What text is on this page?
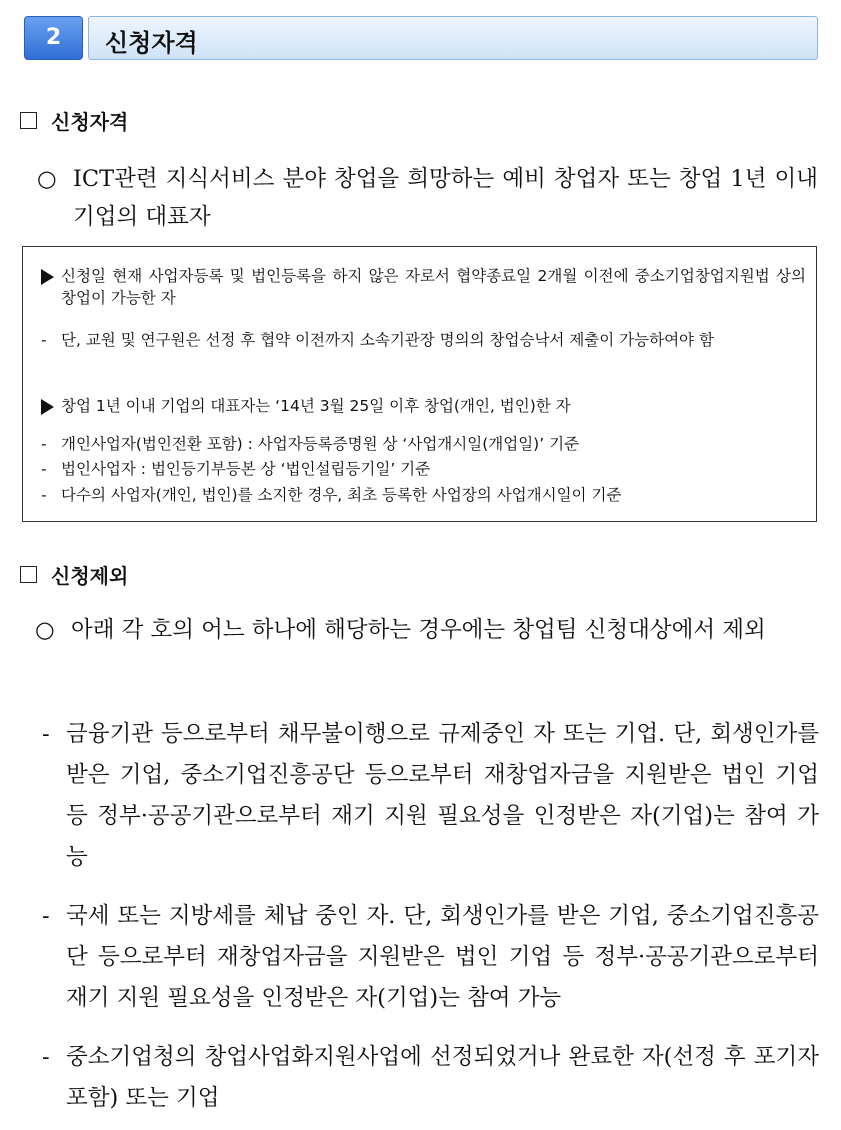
2	신청자격
신청자격
○ ICT관련 지식서비스 분야 창업을 희망하는 예비 창업자 또는 창업 1년 이내 기업의 대표자
신청일 현재 사업자등록 및 법인등록을 하지 않은 자로서 협약종료일 2개월 이전에 중소기업창업지원법 상의 창업이 가능한 자
- 단, 교원 및 연구원은 선정 후 협약 이전까지 소속기관장 명의의 창업승낙서 제출이 가능하여야 함
창업 1년 이내 기업의 대표자는 ‘14년 3월 25일 이후 창업(개인, 법인)한 자
- 개인사업자(법인전환 포함) : 사업자등록증명원 상 ‘사업개시일(개업일)’ 기준
- 법인사업자 : 법인등기부등본 상 ‘법인설립등기일’ 기준
- 다수의 사업자(개인, 법인)를 소지한 경우, 최초 등록한 사업장의 사업개시일이 기준
신청제외
○ 아래 각 호의 어느 하나에 해당하는 경우에는 창업팀 신청대상에서 제외
- 금융기관 등으로부터 채무불이행으로 규제중인 자 또는 기업. 단, 회생인가를 받은 기업, 중소기업진흥공단 등으로부터 재창업자금을 지원받은 법인 기업 등 정부·공공기관으로부터 재기 지원 필요성을 인정받은 자(기업)는 참여 가능
- 국세 또는 지방세를 체납 중인 자. 단, 회생인가를 받은 기업, 중소기업진흥공단 등으로부터 재창업자금을 지원받은 법인 기업 등 정부·공공기관으로부터 재기 지원 필요성을 인정받은 자(기업)는 참여 가능
- 중소기업청의 창업사업화지원사업에 선정되었거나 완료한 자(선정 후 포기자 포함) 또는 기업
